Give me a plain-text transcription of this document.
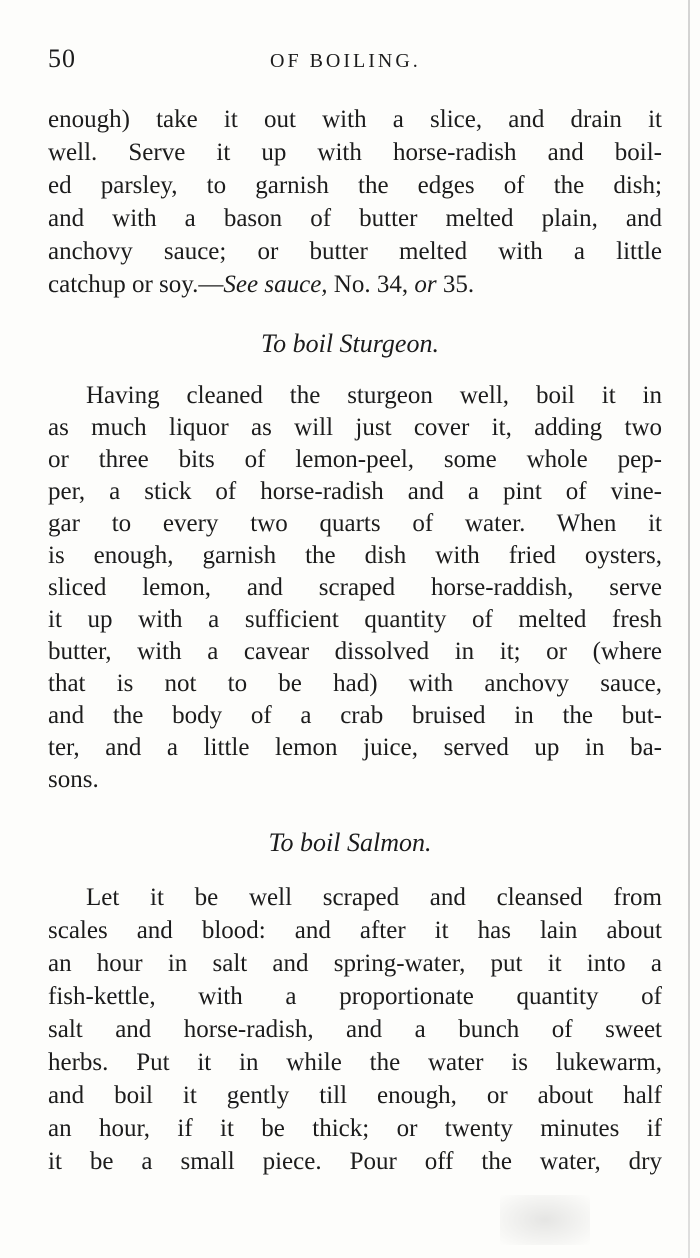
50	OF BOILING.
enough) take it out with a slice, and drain it
well. Serve it up with horse-radish and boil-
ed parsley, to garnish the edges of the dish;
and with a bason of butter melted plain, and
anchovy sauce; or butter melted with a little
catchup or soy.—See sauce, No. 34, or 35.
To boil Sturgeon.
Having cleaned the sturgeon well, boil it in
as much liquor as will just cover it, adding two
or three bits of lemon-peel, some whole pep-
per, a stick of horse-radish and a pint of vine-
gar to every two quarts of water. When it
is enough, garnish the dish with fried oysters,
sliced lemon, and scraped horse-raddish, serve
it up with a sufficient quantity of melted fresh
butter, with a cavear dissolved in it; or (where
that is not to be had) with anchovy sauce,
and the body of a crab bruised in the but-
ter, and a little lemon juice, served up in ba-
sons.
To boil Salmon.
Let it be well scraped and cleansed from
scales and blood: and after it has lain about
an hour in salt and spring-water, put it into a
fish-kettle, with a proportionate quantity of
salt and horse-radish, and a bunch of sweet
herbs. Put it in while the water is lukewarm,
and boil it gently till enough, or about half
an hour, if it be thick; or twenty minutes if
it be a small piece. Pour off the water, dry
